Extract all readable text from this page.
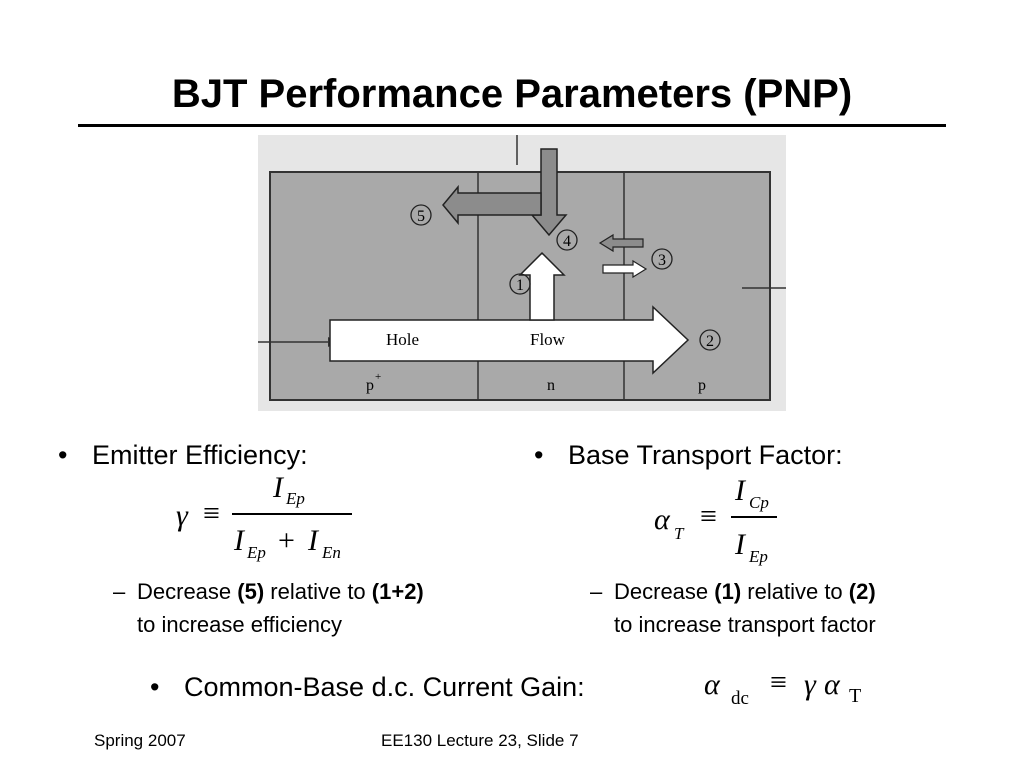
BJT Performance Parameters (PNP)
5
4
3
1
2
Hole	Flow
p +	n	p
• Emitter Efficiency:
γ ≡
I Ep
I Ep + I En
– Decrease (5) relative to (1+2)
to increase efficiency
• Base Transport Factor:
α T
≡
I Cp
I Ep
– Decrease (1) relative to (2)
to increase transport factor
• Common-Base d.c. Current Gain:	α dc ≡ γ α T
Spring 2007	EE130 Lecture 23, Slide 7
